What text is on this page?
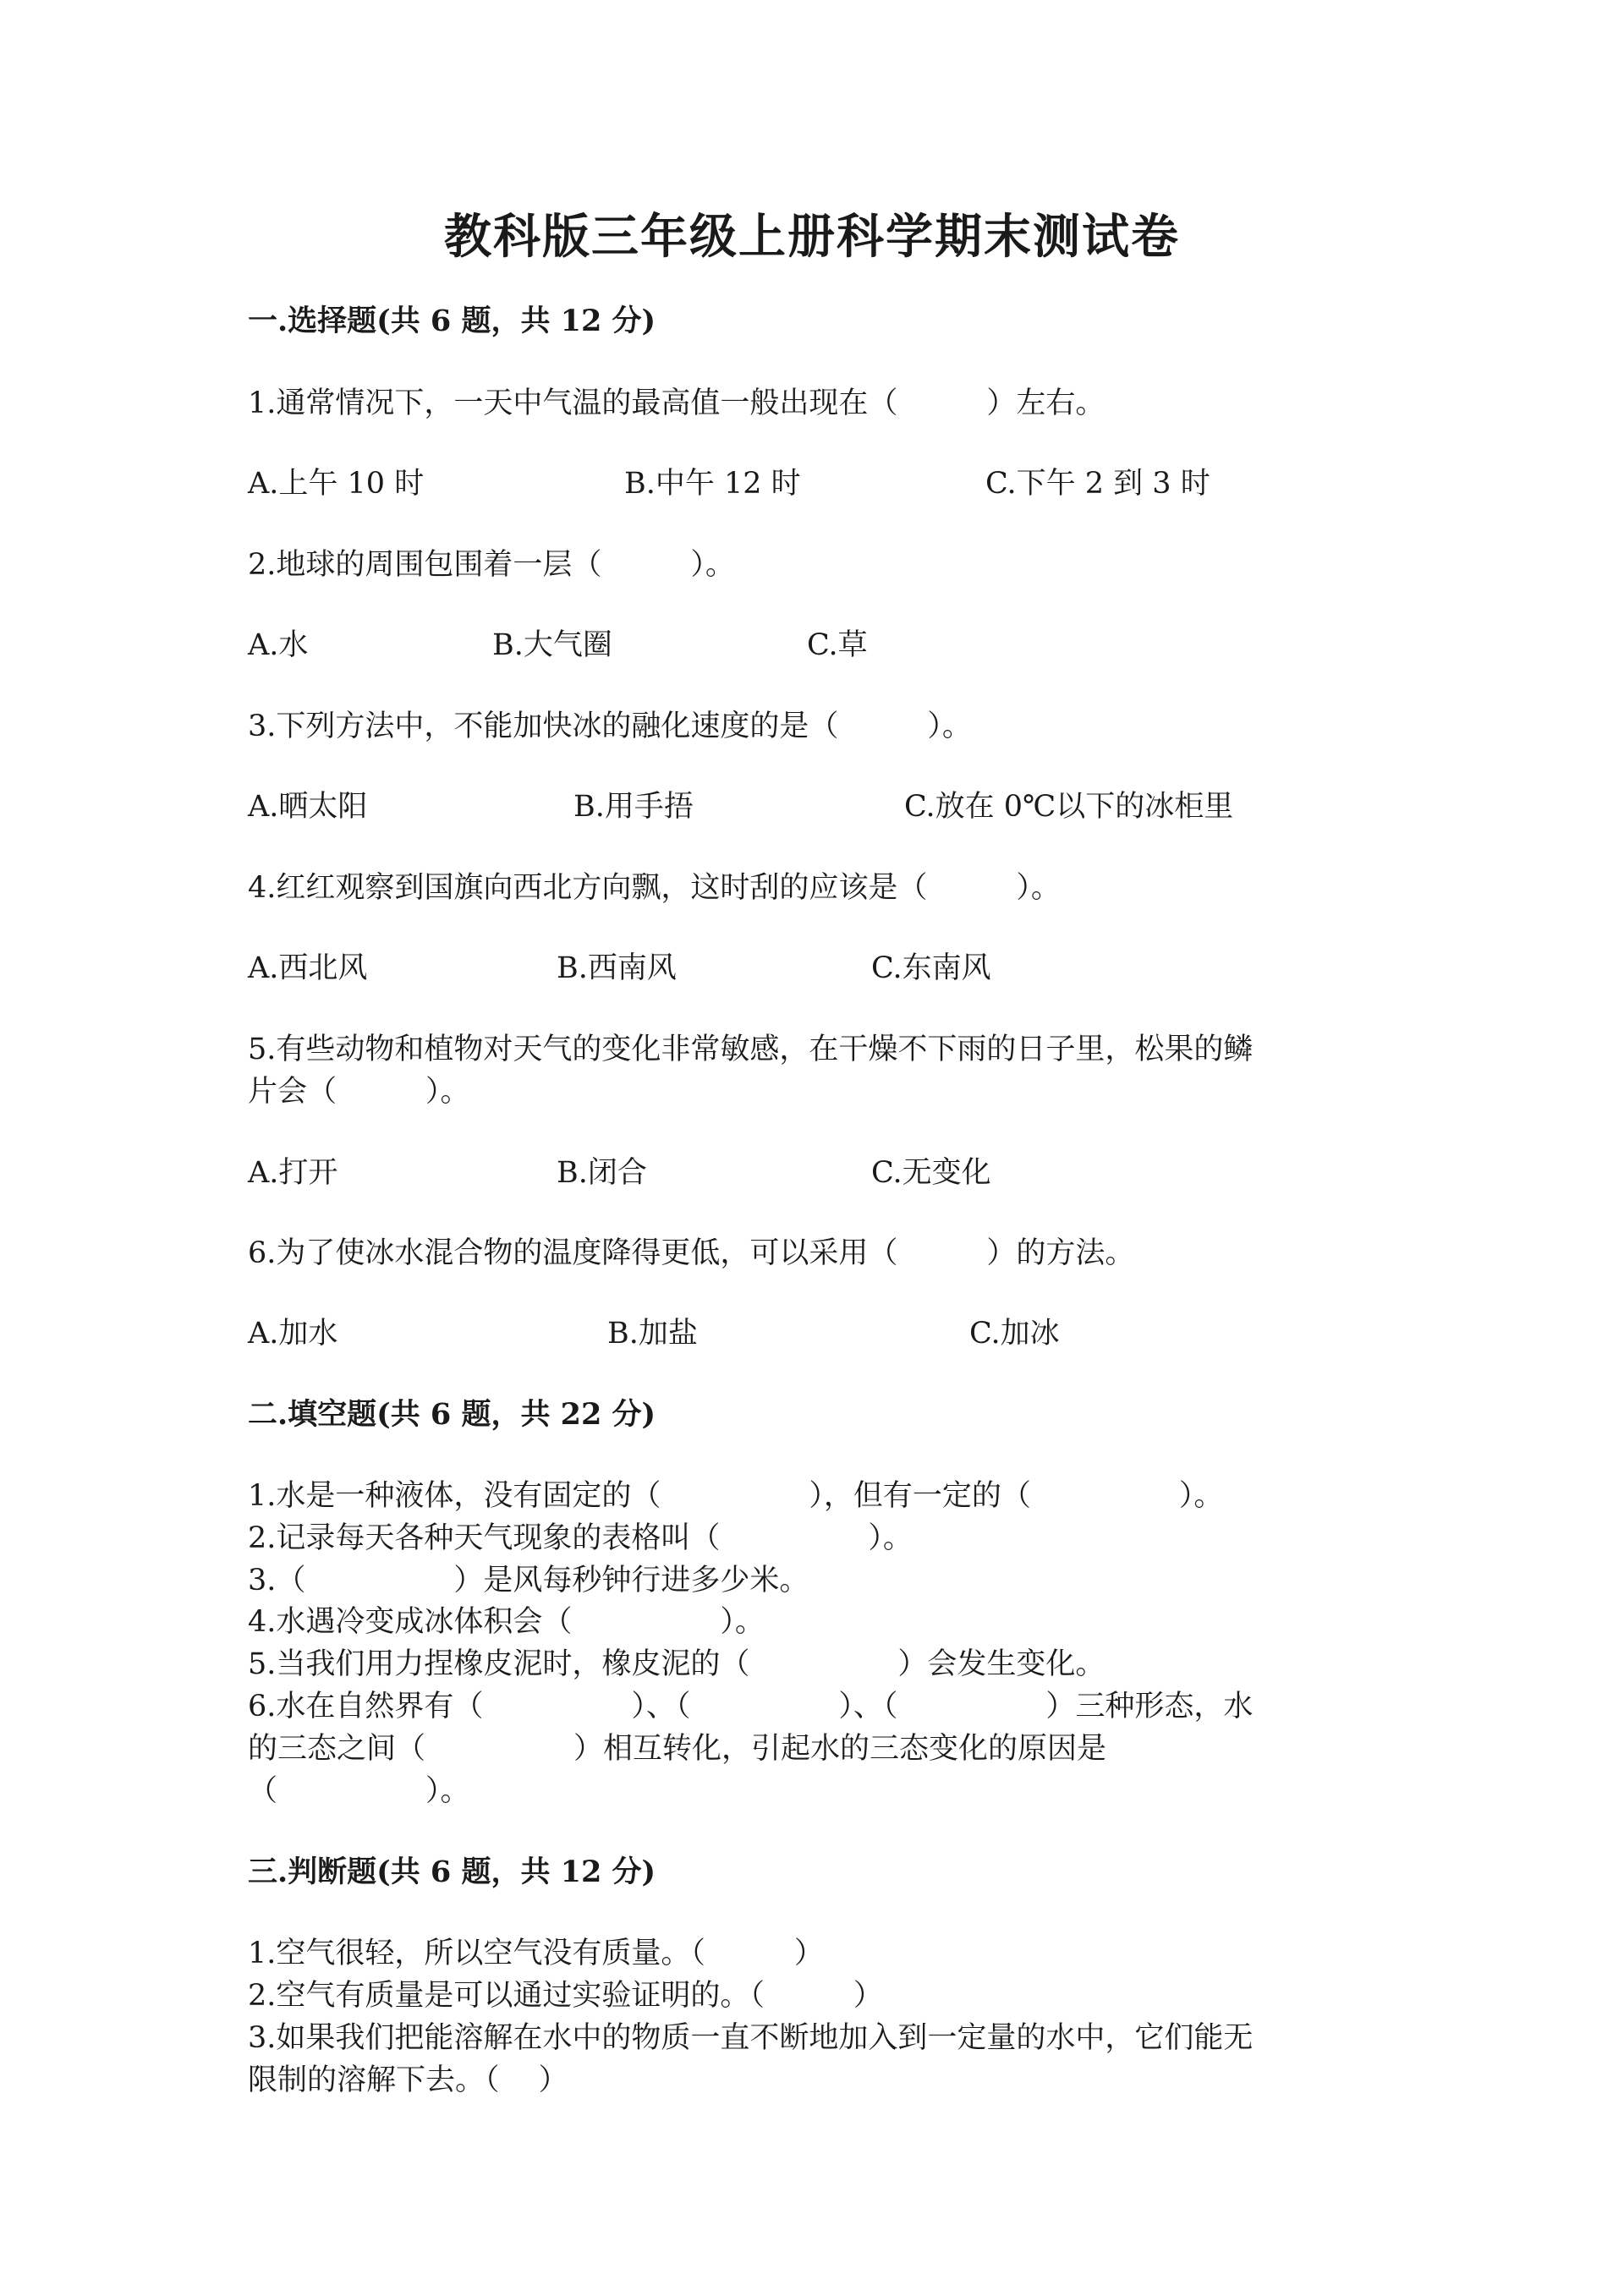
教科版三年级上册科学期末测试卷
一.选择题(共 6 题，共 12 分)
1.通常情况下，一天中气温的最高值一般出现在（　　　）左右。
A.上午 10 时	B.中午 12 时	C.下午 2 到 3 时
2.地球的周围包围着一层（　　　）。
A.水	B.大气圈	C.草
3.下列方法中，不能加快冰的融化速度的是（　　　）。
A.晒太阳	B.用手捂	C.放在 0℃以下的冰柜里
4.红红观察到国旗向西北方向飘，这时刮的应该是（　　　）。
A.西北风	B.西南风	C.东南风
5.有些动物和植物对天气的变化非常敏感，在干燥不下雨的日子里，松果的鳞
片会（　　　）。
A.打开	B.闭合	C.无变化
6.为了使冰水混合物的温度降得更低，可以采用（　　　）的方法。
A.加水	B.加盐	C.加冰
二.填空题(共 6 题，共 22 分)
1.水是一种液体，没有固定的（　　　　　），但有一定的（　　　　　）。
2.记录每天各种天气现象的表格叫（　　　　　）。
3.（　　　　　）是风每秒钟行进多少米。
4.水遇冷变成冰体积会（　　　　　）。
5.当我们用力捏橡皮泥时，橡皮泥的（　　　　　）会发生变化。
6.水在自然界有（　　　　　）、（　　　　　）、（　　　　　）三种形态，水
的三态之间（　　　　　）相互转化，引起水的三态变化的原因是
（　　　　　）。
三.判断题(共 6 题，共 12 分)
1.空气很轻，所以空气没有质量。（　　　）
2.空气有质量是可以通过实验证明的。（　　　）
3.如果我们把能溶解在水中的物质一直不断地加入到一定量的水中，它们能无
限制的溶解下去。（　 ）
